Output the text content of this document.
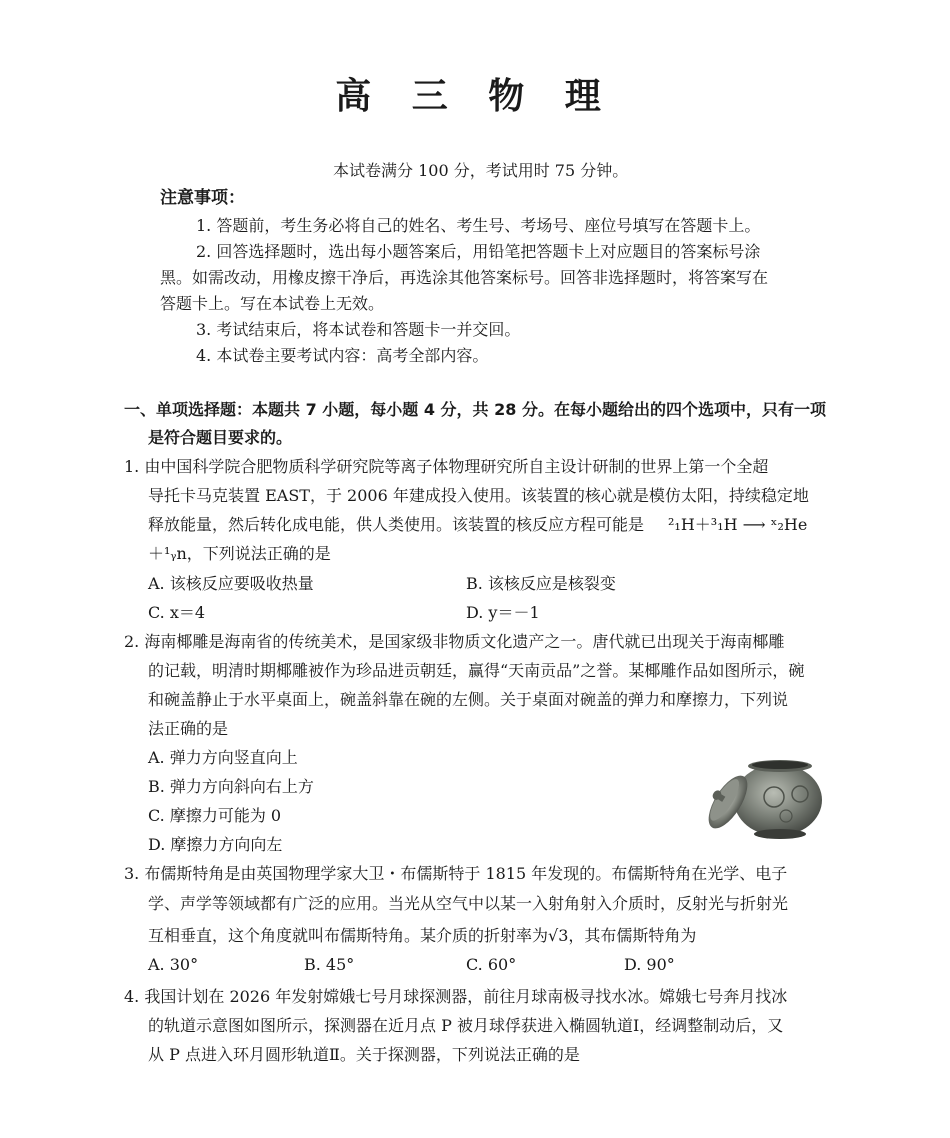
高 三 物 理
本试卷满分 100 分，考试用时 75 分钟。
注意事项：
1. 答题前，考生务必将自己的姓名、考生号、考场号、座位号填写在答题卡上。
2. 回答选择题时，选出每小题答案后，用铅笔把答题卡上对应题目的答案标号涂
黑。如需改动，用橡皮擦干净后，再选涂其他答案标号。回答非选择题时，将答案写在
答题卡上。写在本试卷上无效。
3. 考试结束后，将本试卷和答题卡一并交回。
4. 本试卷主要考试内容：高考全部内容。
一、单项选择题：本题共 7 小题，每小题 4 分，共 28 分。在每小题给出的四个选项中，只有一项
是符合题目要求的。
1. 由中国科学院合肥物质科学研究院等离子体物理研究所自主设计研制的世界上第一个全超
导托卡马克装置 EAST，于 2006 年建成投入使用。该装置的核心就是模仿太阳，持续稳定地
释放能量，然后转化成电能，供人类使用。该装置的核反应方程可能是 ²₁H＋³₁H ⟶ ˣ₂He
＋¹ᵧn，下列说法正确的是
A. 该核反应要吸收热量	B. 该核反应是核裂变
C. x＝4	D. y＝－1
2. 海南椰雕是海南省的传统美术，是国家级非物质文化遗产之一。唐代就已出现关于海南椰雕
的记载，明清时期椰雕被作为珍品进贡朝廷，赢得“天南贡品”之誉。某椰雕作品如图所示，碗
和碗盖静止于水平桌面上，碗盖斜靠在碗的左侧。关于桌面对碗盖的弹力和摩擦力，下列说
法正确的是
A. 弹力方向竖直向上
B. 弹力方向斜向右上方
C. 摩擦力可能为 0
D. 摩擦力方向向左
3. 布儒斯特角是由英国物理学家大卫・布儒斯特于 1815 年发现的。布儒斯特角在光学、电子
学、声学等领域都有广泛的应用。当光从空气中以某一入射角射入介质时，反射光与折射光
互相垂直，这个角度就叫布儒斯特角。某介质的折射率为√3，其布儒斯特角为
A. 30°	B. 45°	C. 60°	D. 90°
4. 我国计划在 2026 年发射嫦娥七号月球探测器，前往月球南极寻找水冰。嫦娥七号奔月找冰
的轨道示意图如图所示，探测器在近月点 P 被月球俘获进入椭圆轨道Ⅰ，经调整制动后，又
从 P 点进入环月圆形轨道Ⅱ。关于探测器，下列说法正确的是
